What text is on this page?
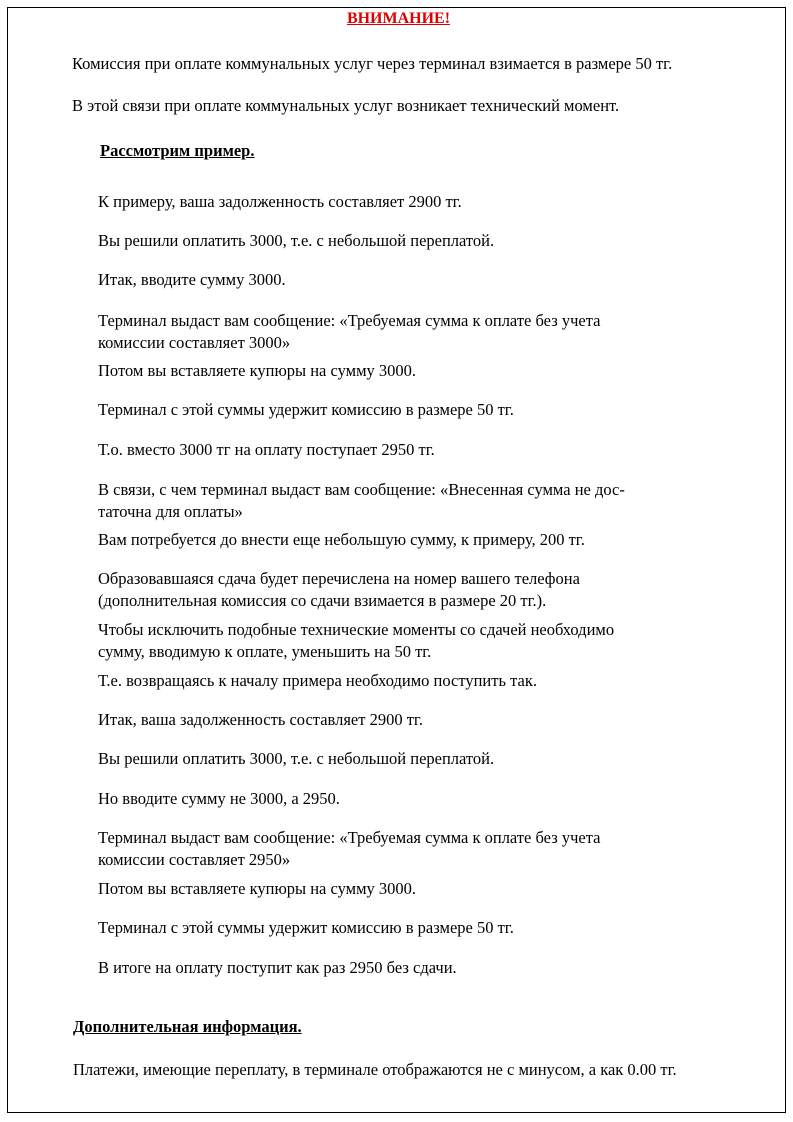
ВНИМАНИЕ!
Комиссия при оплате коммунальных услуг через терминал взимается в размере 50 тг.
В этой связи при оплате коммунальных услуг возникает технический момент.
Рассмотрим пример.
К примеру, ваша задолженность составляет 2900 тг.
Вы решили оплатить 3000, т.е. с небольшой переплатой.
Итак, вводите сумму 3000.
Терминал выдаст вам сообщение: «Требуемая сумма к оплате без учета
комиссии составляет 3000»
Потом вы вставляете купюры на сумму 3000.
Терминал с этой суммы удержит комиссию в размере 50 тг.
Т.о. вместо 3000 тг на оплату поступает 2950 тг.
В связи, с чем терминал выдаст вам сообщение: «Внесенная сумма не дос-
таточна для оплаты»
Вам потребуется до внести еще небольшую сумму, к примеру, 200 тг.
Образовавшаяся сдача будет перечислена на номер вашего телефона
(дополнительная комиссия со сдачи взимается в размере 20 тг.).
Чтобы исключить подобные технические моменты со сдачей необходимо
сумму, вводимую к оплате, уменьшить на 50 тг.
Т.е. возвращаясь к началу примера необходимо поступить так.
Итак, ваша задолженность составляет 2900 тг.
Вы решили оплатить 3000, т.е. с небольшой переплатой.
Но вводите сумму не 3000, а 2950.
Терминал выдаст вам сообщение: «Требуемая сумма к оплате без учета
комиссии составляет 2950»
Потом вы вставляете купюры на сумму 3000.
Терминал с этой суммы удержит комиссию в размере 50 тг.
В итоге на оплату поступит как раз 2950 без сдачи.
Дополнительная информация.
Платежи, имеющие переплату, в терминале отображаются не с минусом, а как 0.00 тг.
